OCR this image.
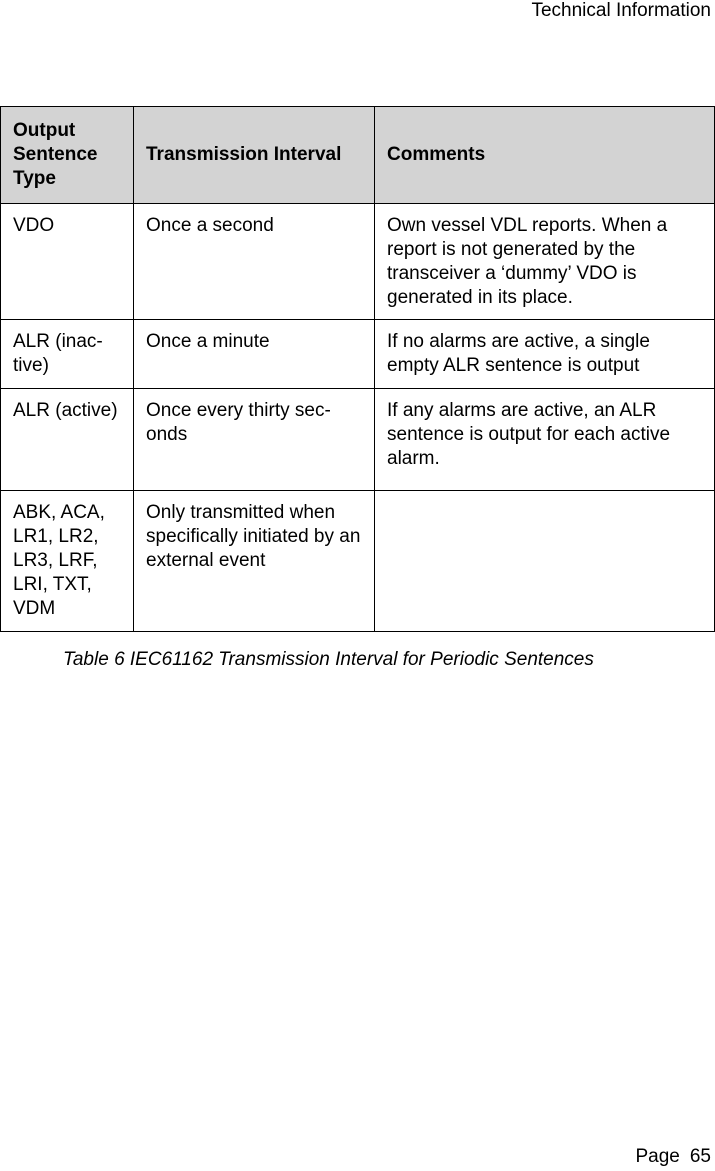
Technical Information
Output Sentence Type	Transmission Interval	Comments
VDO	Once a second	Own vessel VDL reports. When a report is not generated by the transceiver a ‘dummy’ VDO is generated in its place.
ALR (inac-tive)	Once a minute	If no alarms are active, a single empty ALR sentence is output
ALR (active)	Once every thirty sec-onds	If any alarms are active, an ALR sentence is output for each active alarm.
ABK, ACA, LR1, LR2, LR3, LRF, LRI, TXT, VDM	Only transmitted when specifically initiated by an external event	
Table 6 IEC61162 Transmission Interval for Periodic Sentences
Page 65
